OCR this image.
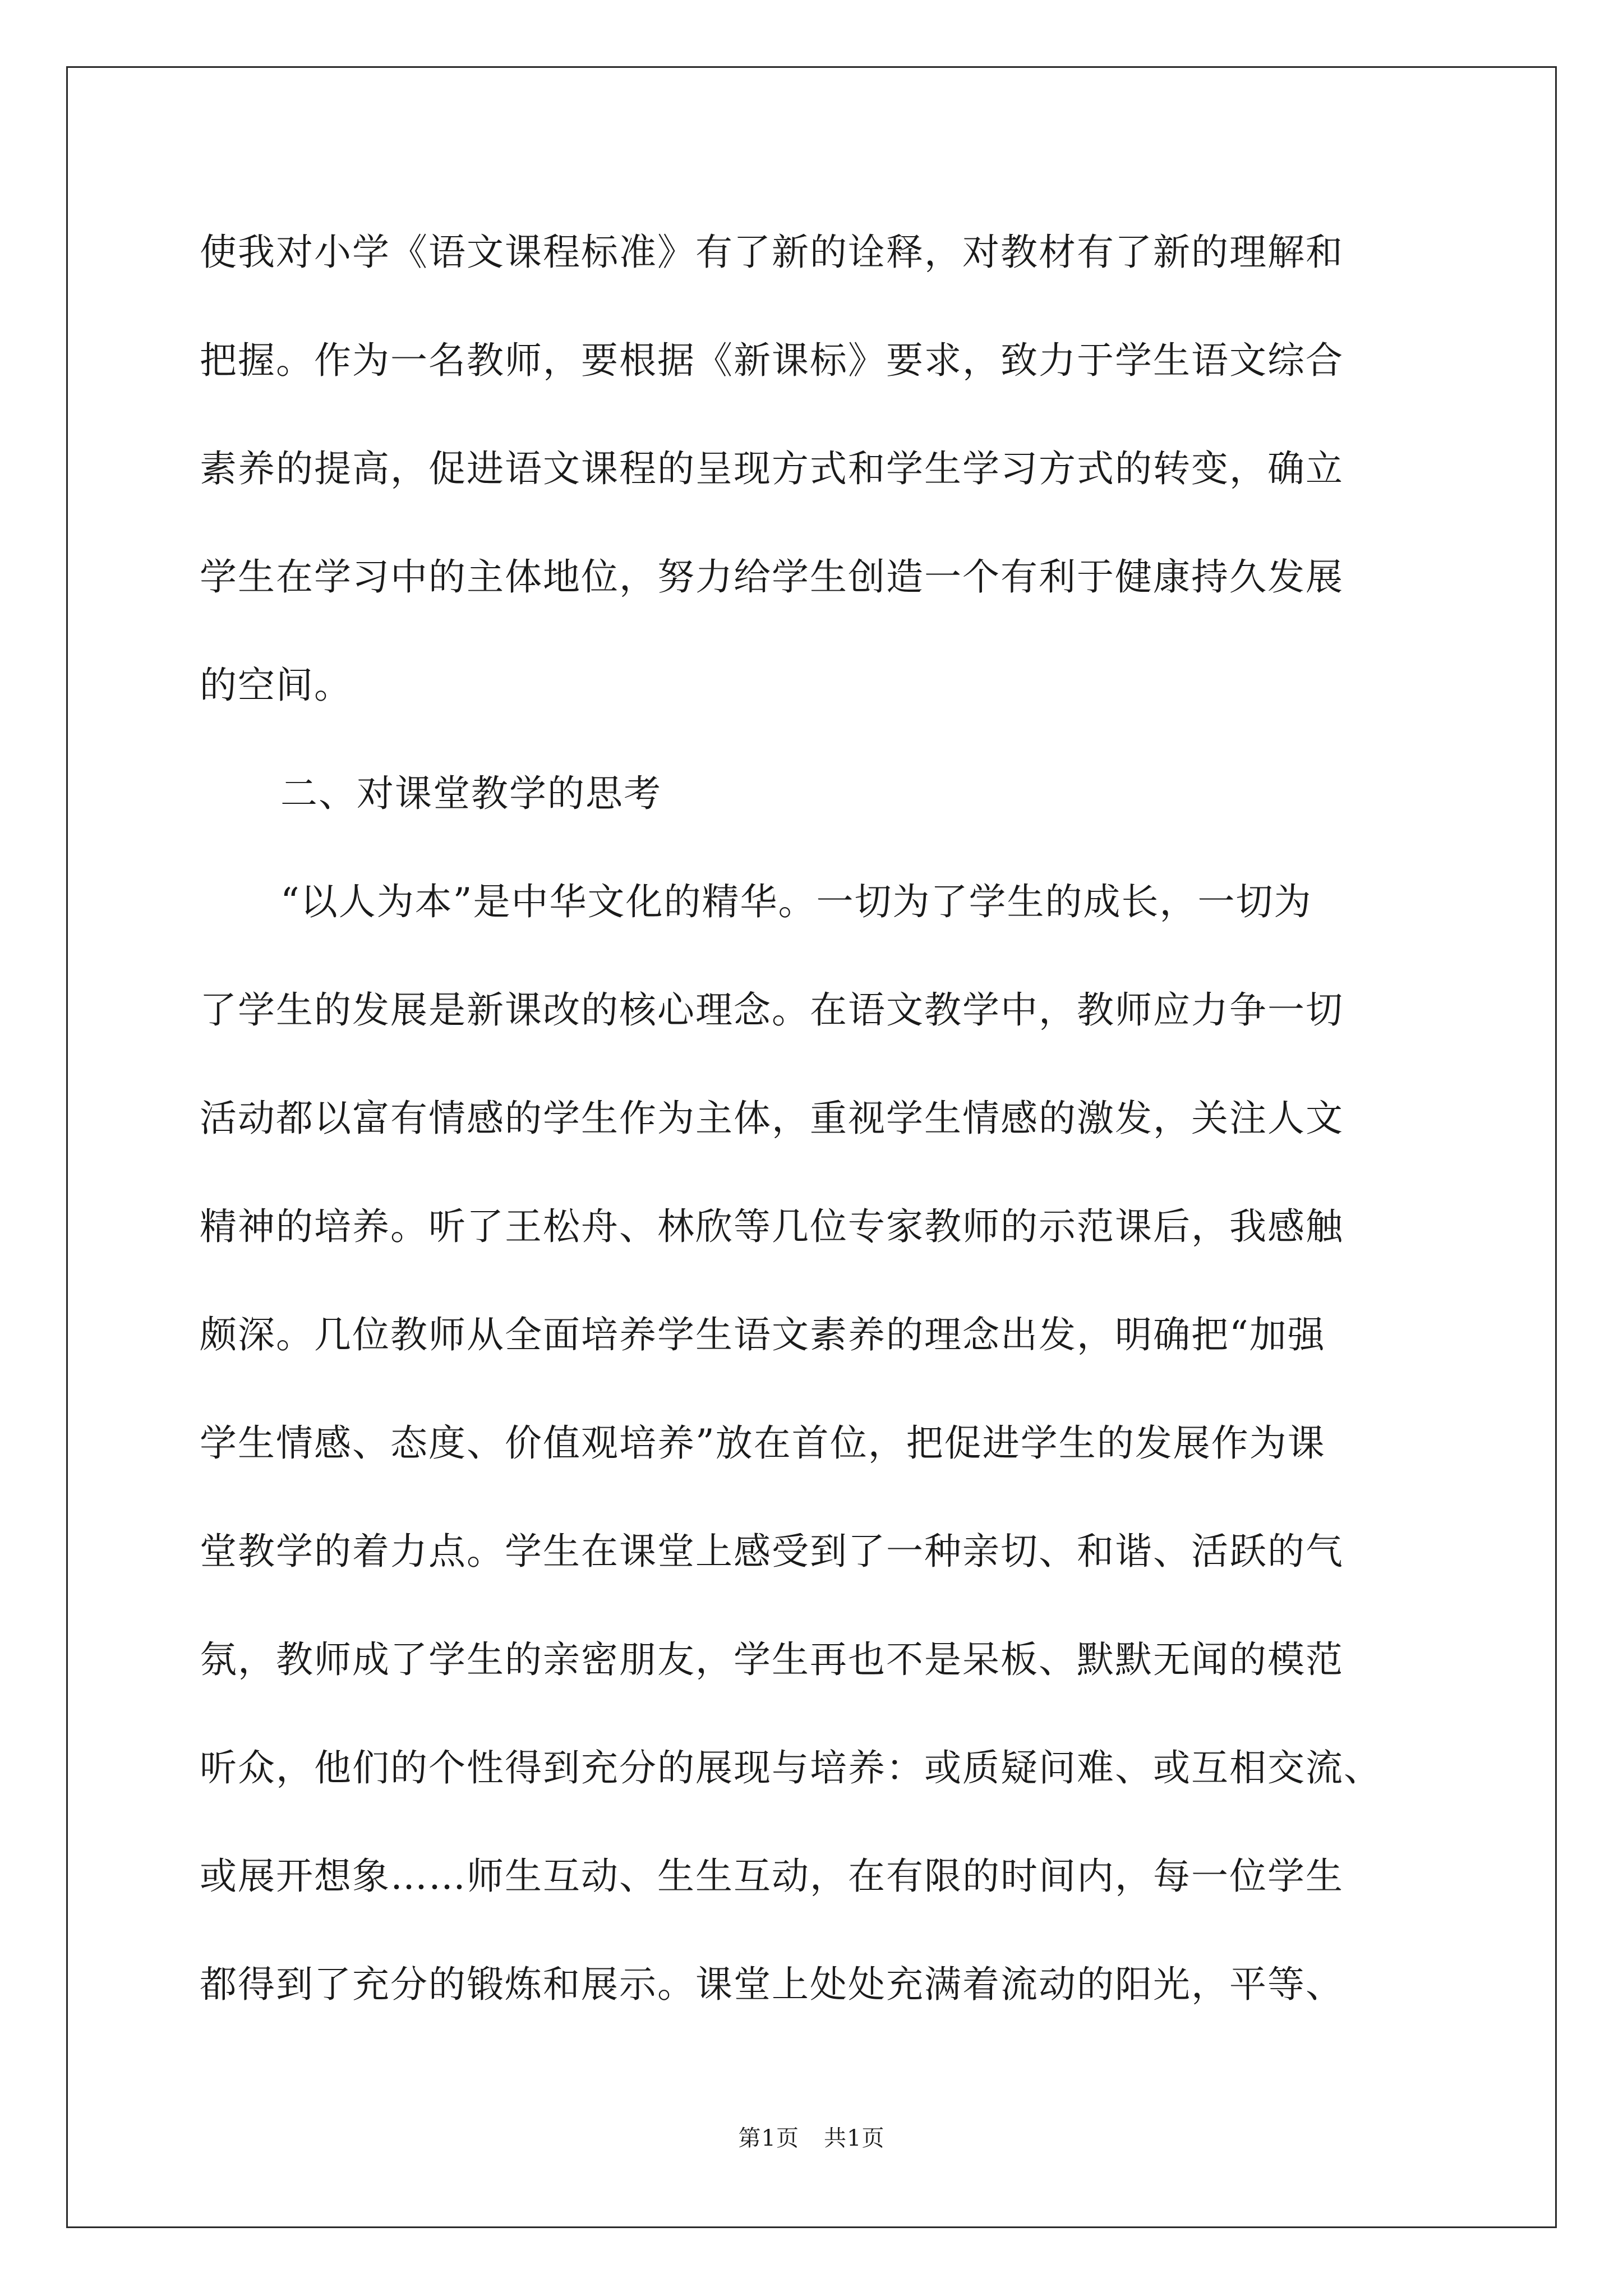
使我对小学《语文课程标准》有了新的诠释，对教材有了新的理解和
把握。作为一名教师，要根据《新课标》要求，致力于学生语文综合
素养的提高，促进语文课程的呈现方式和学生学习方式的转变，确立
学生在学习中的主体地位，努力给学生创造一个有利于健康持久发展
的空间。
二、对课堂教学的思考
“以人为本”是中华文化的精华。一切为了学生的成长，一切为
了学生的发展是新课改的核心理念。在语文教学中，教师应力争一切
活动都以富有情感的学生作为主体，重视学生情感的激发，关注人文
精神的培养。听了王松舟、林欣等几位专家教师的示范课后，我感触
颇深。几位教师从全面培养学生语文素养的理念出发，明确把“加强
学生情感、态度、价值观培养”放在首位，把促进学生的发展作为课
堂教学的着力点。学生在课堂上感受到了一种亲切、和谐、活跃的气
氛，教师成了学生的亲密朋友，学生再也不是呆板、默默无闻的模范
听众，他们的个性得到充分的展现与培养：或质疑问难、或互相交流、
或展开想象……师生互动、生生互动，在有限的时间内，每一位学生
都得到了充分的锻炼和展示。课堂上处处充满着流动的阳光，平等、
第1页 共1页
